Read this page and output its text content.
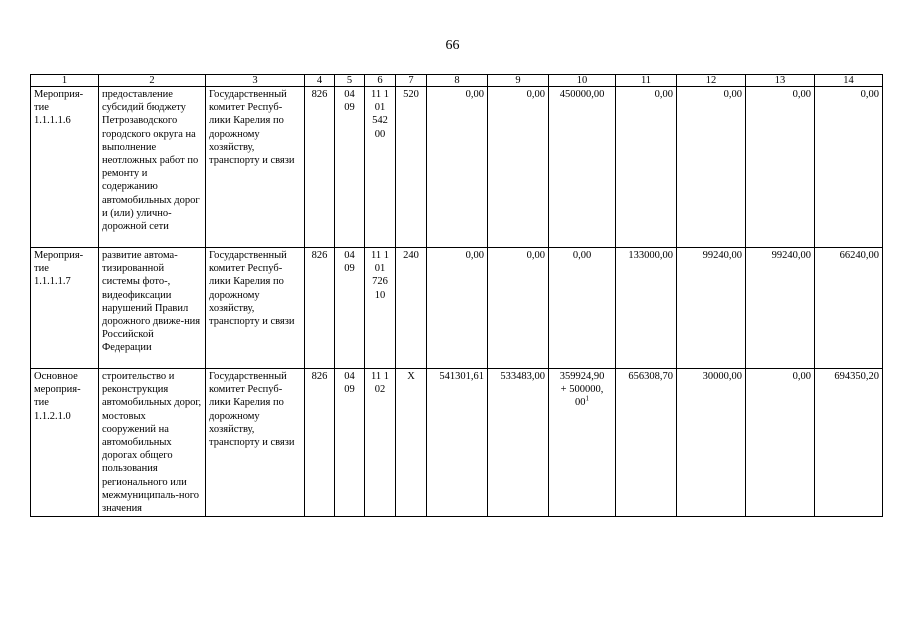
66
1	2	3	4	5	6	7	8	9	10	11	12	13	14
Мероприя-
тие
1.1.1.1.6	предоставление субсидий бюджету Петрозаводского городского округа на выполнение неотложных работ по ремонту и содержанию автомобильных дорог и (или) улично-дорожной сети	Государственный комитет Респуб-лики Карелия по дорожному хозяйству, транспорту и связи	826	04
09	11 1
01
542
00	520	0,00	0,00	450000,00	0,00	0,00	0,00	0,00
Мероприя-
тие
1.1.1.1.7	развитие автома-тизированной системы фото-, видеофиксации нарушений Правил дорожного движе-ния Российской Федерации	Государственный комитет Респуб-лики Карелия по дорожному хозяйству, транспорту и связи	826	04
09	11 1
01
726
10	240	0,00	0,00	0,00	133000,00	99240,00	99240,00	66240,00
Основное
мероприя-
тие
1.1.2.1.0	строительство и реконструкция автомобильных дорог, мостовых сооружений на автомобильных дорогах общего пользования регионального или межмуниципаль-ного значения	Государственный комитет Респуб-лики Карелия по дорожному хозяйству, транспорту и связи	826	04
09	11 1
02	X	541301,61	533483,00	359924,90
+ 500000,
$00^1$	656308,70	30000,00	0,00	694350,20
